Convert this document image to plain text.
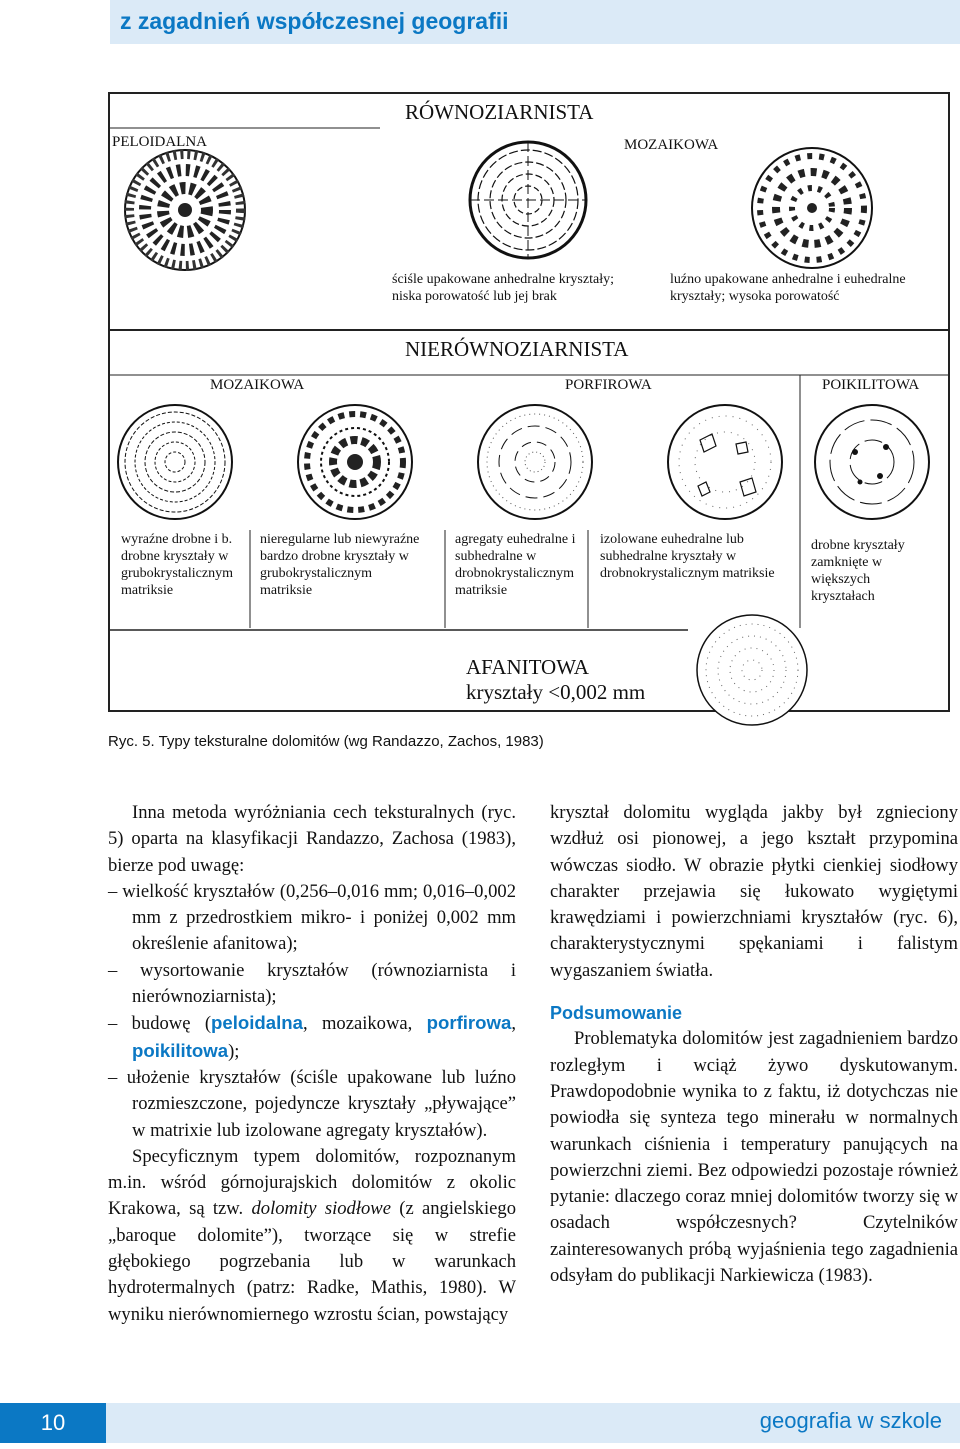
z zagadnień współczesnej geografii
RÓWNOZIARNISTA
PELOIDALNA	MOZAIKOWA
ściśle upakowane anhedralne kryształy;
niska porowatość lub jej brak
luźno upakowane anhedralne i euhedralne
kryształy; wysoka porowatość
NIERÓWNOZIARNISTA
MOZAIKOWA	PORFIROWA	POIKILITOWA
wyraźne drobne i b.
drobne kryształy w
grubokrystalicznym
matriksie
nieregularne lub niewyraźne
bardzo drobne kryształy w
grubokrystalicznym
matriksie
agregaty euhedralne i
subhedralne w
drobnokrystalicznym
matriksie
izolowane euhedralne lub
subhedralne kryształy w
drobnokrystalicznym matriksie
drobne kryształy
zamknięte w
większych
kryształach
AFANITOWA
kryształy <0,002 mm
Ryc. 5. Typy teksturalne dolomitów (wg Randazzo, Zachos, 1983)

Inna metoda wyróżniania cech teksturalnych (ryc. 5) oparta na klasyfikacji Randazzo, Zachosa (1983), bierze pod uwagę:

– wielkość kryształów (0,256–0,016 mm; 0,016–0,002 mm z przedrostkiem mikro- i poniżej 0,002 mm określenie afanitowa);

– wysortowanie kryształów (równoziarnista i nierównoziarnista);

– budowę (peloidalna, mozaikowa, porfirowa, poikilitowa);

– ułożenie kryształów (ściśle upakowane lub luźno rozmieszczone, pojedyncze kryształy „pływające” w matrixie lub izolowane agregaty kryształów).

Specyficznym typem dolomitów, rozpoznanym m.in. wśród górnojurajskich dolomitów z okolic Krakowa, są tzw. dolomity siodłowe (z angielskiego „baroque dolomite”), tworzące się w strefie głębokiego pogrzebania lub w warunkach hydrotermalnych (patrz: Radke, Mathis, 1980). W wyniku nierównomiernego wzrostu ścian, powstający

kryształ dolomitu wygląda jakby był zgnieciony wzdłuż osi pionowej, a jego kształt przypomina wówczas siodło. W obrazie płytki cienkiej siodłowy charakter przejawia się łukowato wygiętymi krawędziami i powierzchniami kryształów (ryc. 6), charakterystycznymi spękaniami i falistym wygaszaniem światła.

Podsumowanie

Problematyka dolomitów jest zagadnieniem bardzo rozległym i wciąż żywo dyskutowanym. Prawdopodobnie wynika to z faktu, iż dotychczas nie powiodła się synteza tego minerału w normalnych warunkach ciśnienia i temperatury panujących na powierzchni ziemi. Bez odpowiedzi pozostaje również pytanie: dlaczego coraz mniej dolomitów tworzy się w osadach współczesnych? Czytelników zainteresowanych próbą wyjaśnienia tego zagadnienia odsyłam do publikacji Narkiewicza (1983).

10	geografia w szkole
